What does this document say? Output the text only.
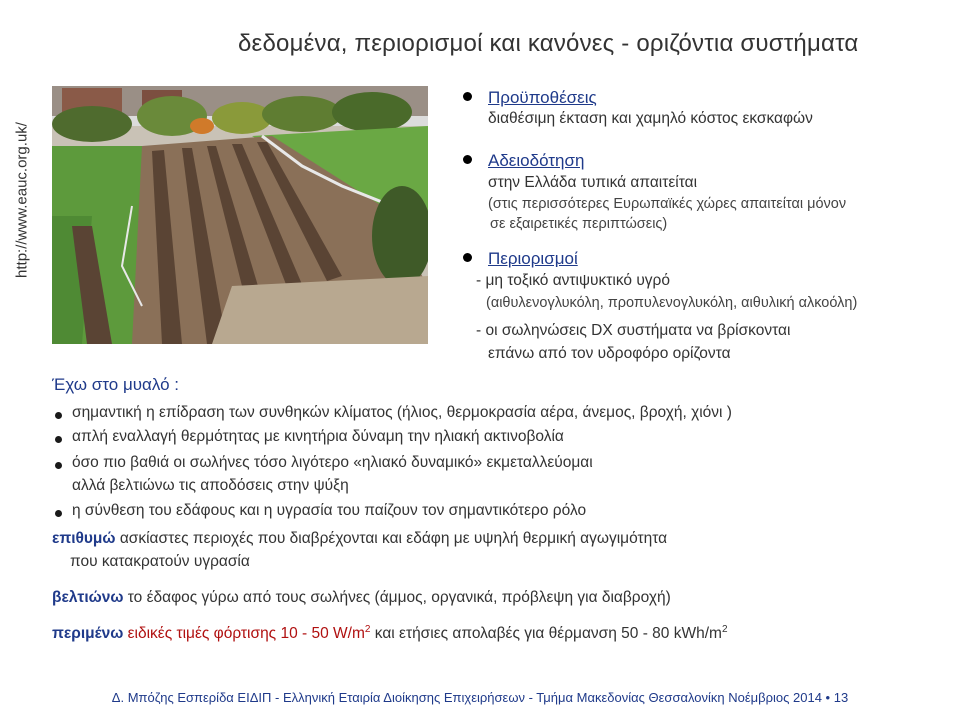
δεδομένα, περιορισμοί και κανόνες - οριζόντια συστήματα
http://www.eauc.org.uk/
Προϋποθέσεις
διαθέσιμη έκταση και χαμηλό κόστος εκσκαφών
Αδειοδότηση
στην Ελλάδα τυπικά απαιτείται
(στις περισσότερες Ευρωπαϊκές χώρες απαιτείται μόνον
σε εξαιρετικές περιπτώσεις)
Περιορισμοί
- μη τοξικό αντιψυκτικό υγρό
(αιθυλενογλυκόλη, προπυλενογλυκόλη, αιθυλική αλκοόλη)
- οι σωληνώσεις DX συστήματα να βρίσκονται
επάνω από τον υδροφόρο ορίζοντα
Έχω στο μυαλό :
σημαντική η επίδραση των συνθηκών κλίματος (ήλιος, θερμοκρασία αέρα, άνεμος, βροχή, χιόνι )
απλή εναλλαγή θερμότητας με κινητήρια δύναμη την ηλιακή ακτινοβολία
όσο πιο βαθιά οι σωλήνες τόσο λιγότερο «ηλιακό δυναμικό» εκμεταλλεύομαι
αλλά βελτιώνω τις αποδόσεις στην ψύξη
η σύνθεση του εδάφους και η υγρασία του παίζουν τον σημαντικότερο ρόλο
επιθυμώ ασκίαστες περιοχές που διαβρέχονται και εδάφη με υψηλή θερμική αγωγιμότητα
που κατακρατούν υγρασία
βελτιώνω το έδαφος γύρω από τους σωλήνες (άμμος, οργανικά, πρόβλεψη για διαβροχή)
περιμένω ειδικές τιμές φόρτισης 10 - 50 $W/m^2$ και ετήσιες απολαβές για θέρμανση 50 - 80 kWh/$m^2$
Δ. Μπόζης Εσπερίδα ΕΙΔΙΠ - Ελληνική Εταιρία Διοίκησης Επιχειρήσεων - Τμήμα Μακεδονίας Θεσσαλονίκη Νοέμβριος 2014 • 13
